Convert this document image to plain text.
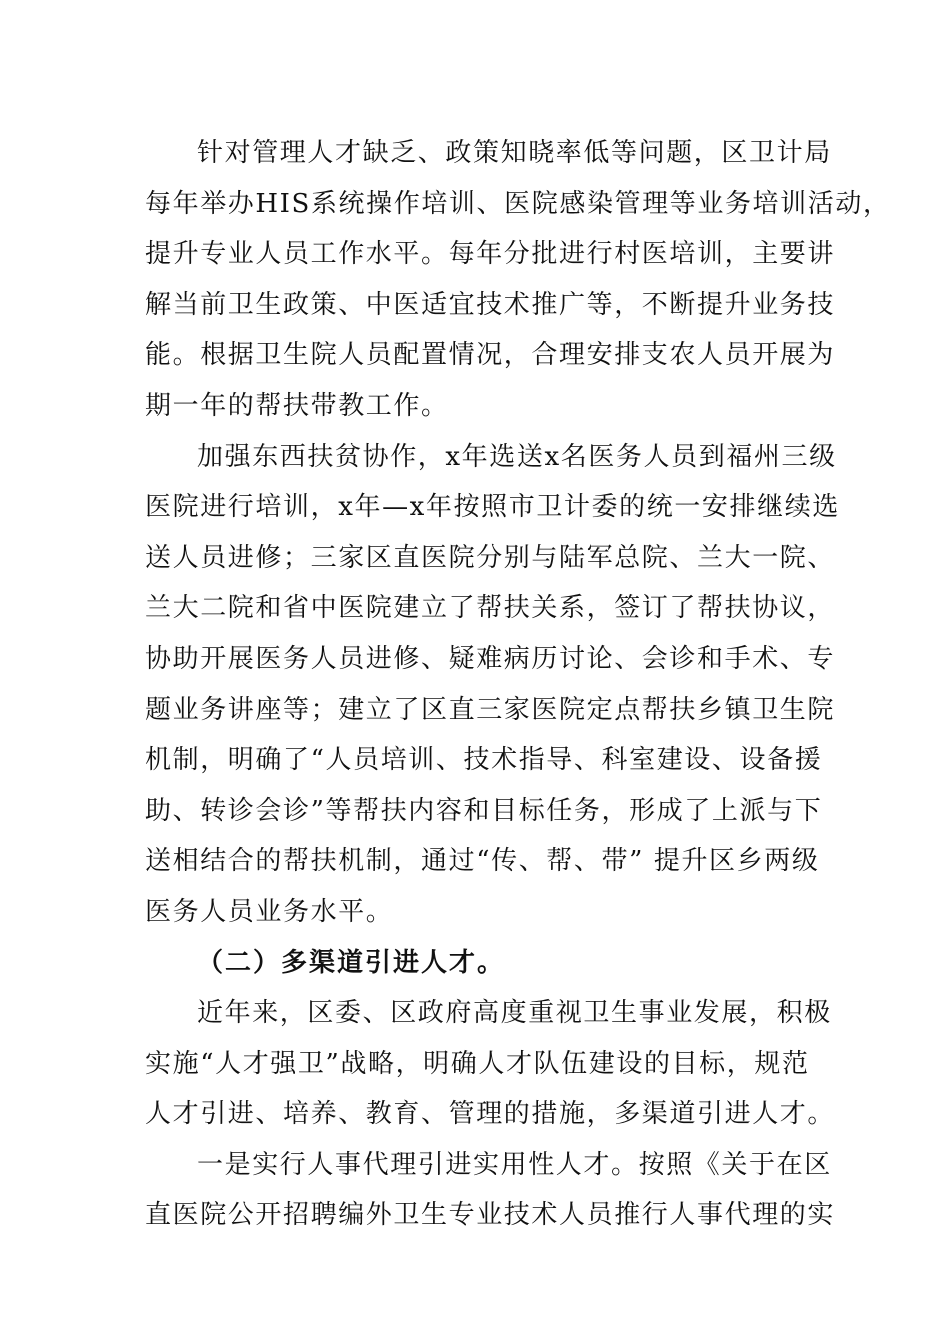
针对管理人才缺乏、政策知晓率低等问题，区卫计局
每年举办HIS系统操作培训、医院感染管理等业务培训活动，
提升专业人员工作水平。每年分批进行村医培训，主要讲
解当前卫生政策、中医适宜技术推广等，不断提升业务技
能。根据卫生院人员配置情况，合理安排支农人员开展为
期一年的帮扶带教工作。
加强东西扶贫协作，x年选送x名医务人员到福州三级
医院进行培训，x年—x年按照市卫计委的统一安排继续选
送人员进修；三家区直医院分别与陆军总院、兰大一院、
兰大二院和省中医院建立了帮扶关系，签订了帮扶协议，
协助开展医务人员进修、疑难病历讨论、会诊和手术、专
题业务讲座等；建立了区直三家医院定点帮扶乡镇卫生院
机制，明确了“人员培训、技术指导、科室建设、设备援
助、转诊会诊”等帮扶内容和目标任务，形成了上派与下
送相结合的帮扶机制，通过“传、帮、带” 提升区乡两级
医务人员业务水平。
（二）多渠道引进人才。
近年来，区委、区政府高度重视卫生事业发展，积极
实施“人才强卫”战略，明确人才队伍建设的目标，规范
人才引进、培养、教育、管理的措施，多渠道引进人才。
一是实行人事代理引进实用性人才。按照《关于在区
直医院公开招聘编外卫生专业技术人员推行人事代理的实
